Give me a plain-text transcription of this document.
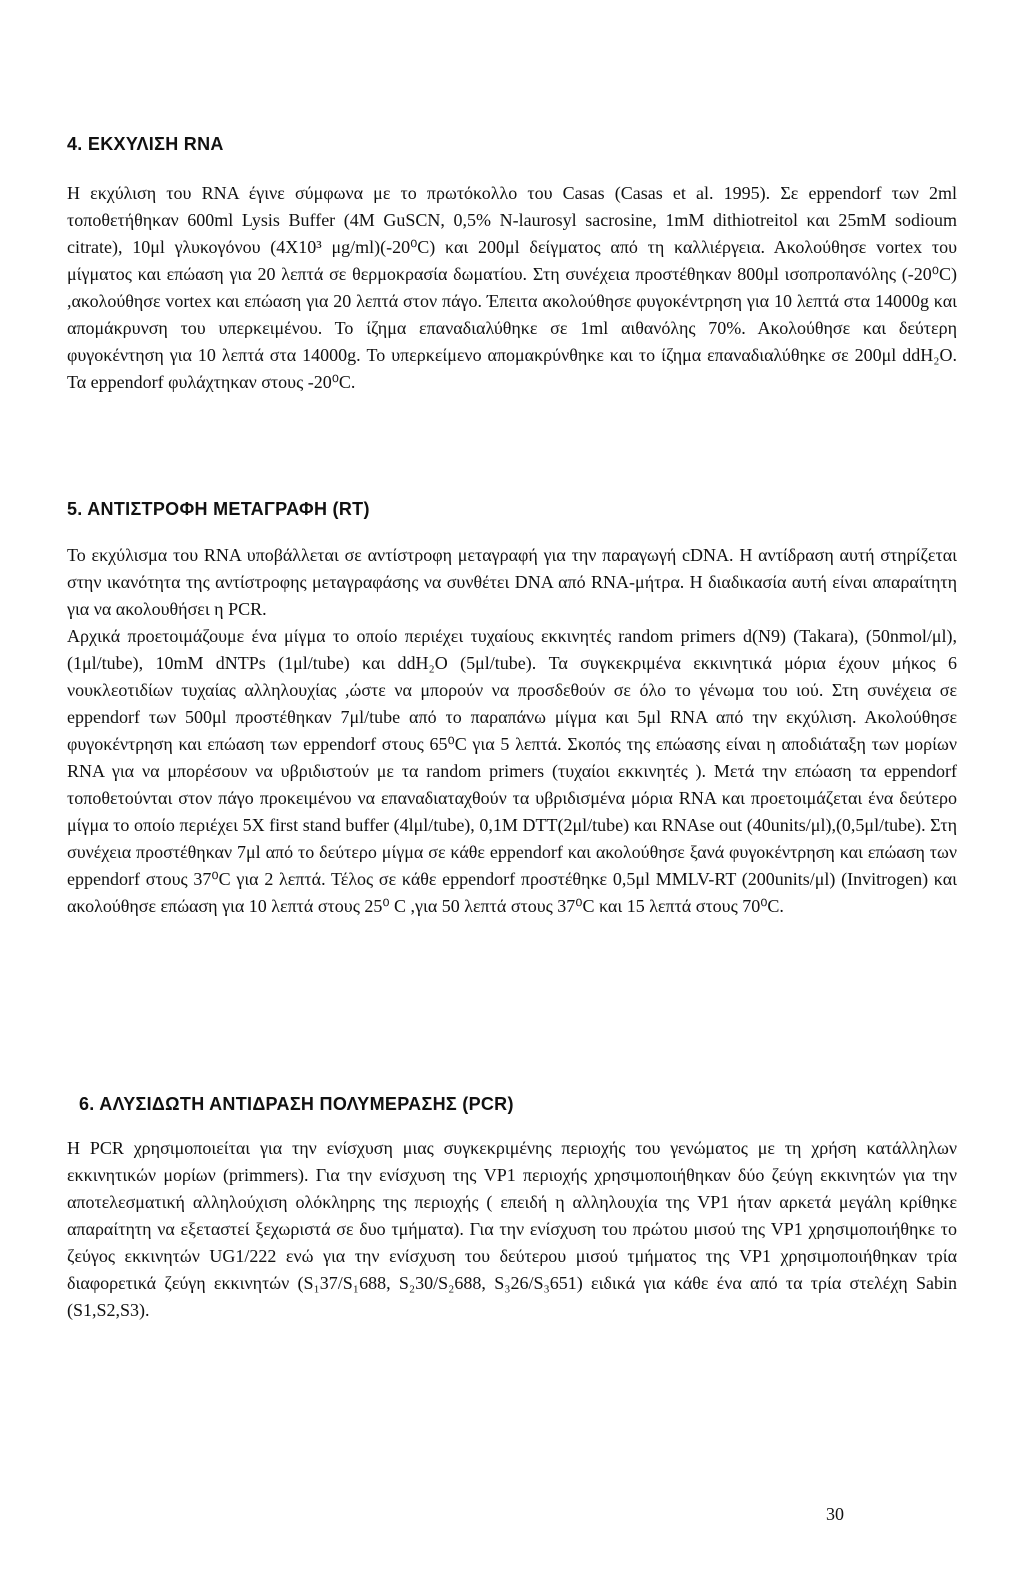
4. ΕΚΧΥΛΙΣΗ RNA

Η εκχύλιση του RNA έγινε σύμφωνα με το πρωτόκολλο του Casas (Casas et al. 1995). Σε eppendorf των 2ml τοποθετήθηκαν 600ml Lysis Buffer (4M GuSCN, 0,5% N-laurosyl sacrosine, 1mM dithiotreitol και 25mM sodioum citrate), 10μl γλυκογόνου (4X10³ μg/ml)(-20⁰C) και 200μl δείγματος από τη καλλιέργεια. Ακολούθησε vortex του μίγματος και επώαση για 20 λεπτά σε θερμοκρασία δωματίου. Στη συνέχεια προστέθηκαν 800μl ισοπροπανόλης (-20⁰C) ,ακολούθησε vortex και επώαση για 20 λεπτά στον πάγο. Έπειτα ακολούθησε φυγοκέντρηση για 10 λεπτά στα 14000g και απομάκρυνση του υπερκειμένου. Το ίζημα επαναδιαλύθηκε σε 1ml αιθανόλης 70%. Ακολούθησε και δεύτερη φυγοκέντηση για 10 λεπτά στα 14000g. Το υπερκείμενο απομακρύνθηκε και το ίζημα επαναδιαλύθηκε σε 200μl ddH₂O. Τα eppendorf φυλάχτηκαν στους -20⁰C.

5. ΑΝΤΙΣΤΡΟΦΗ ΜΕΤΑΓΡΑΦΗ (RT)

Το εκχύλισμα του RNA υποβάλλεται σε αντίστροφη μεταγραφή για την παραγωγή cDNA. Η αντίδραση αυτή στηρίζεται στην ικανότητα της αντίστροφης μεταγραφάσης να συνθέτει DNA από RNA-μήτρα. Η διαδικασία αυτή είναι απαραίτητη για να ακολουθήσει η PCR.

Αρχικά προετοιμάζουμε ένα μίγμα το οποίο περιέχει τυχαίους εκκινητές random primers d(N9) (Takara), (50nmol/μl), (1μl/tube), 10mM dNTPs (1μl/tube) και ddH₂O (5μl/tube). Τα συγκεκριμένα εκκινητικά μόρια έχουν μήκος 6 νουκλεοτιδίων τυχαίας αλληλουχίας ,ώστε να μπορούν να προσδεθούν σε όλο το γένωμα του ιού. Στη συνέχεια σε eppendorf των 500μl προστέθηκαν 7μl/tube από το παραπάνω μίγμα και 5μl RNA από την εκχύλιση. Ακολούθησε φυγοκέντρηση και επώαση των eppendorf στους 65⁰C για 5 λεπτά. Σκοπός της επώασης είναι η αποδιάταξη των μορίων RNA για να μπορέσουν να υβριδιστούν με τα random primers (τυχαίοι εκκινητές ). Μετά την επώαση τα eppendorf τοποθετούνται στον πάγο προκειμένου να επαναδιαταχθούν τα υβριδισμένα μόρια RNA και προετοιμάζεται ένα δεύτερο μίγμα το οποίο περιέχει 5X first stand buffer (4lμl/tube), 0,1M DTT(2μl/tube) και RNAse out (40units/μl),(0,5μl/tube). Στη συνέχεια προστέθηκαν 7μl από το δεύτερο μίγμα σε κάθε eppendorf και ακολούθησε ξανά φυγοκέντρηση και επώαση των eppendorf στους 37⁰C για 2 λεπτά. Τέλος σε κάθε eppendorf προστέθηκε 0,5μl MMLV-RT (200units/μl) (Invitrogen) και ακολούθησε επώαση για 10 λεπτά στους 25⁰ C ,για 50 λεπτά στους 37⁰C και 15 λεπτά στους 70⁰C.

6. ΑΛΥΣΙΔΩΤΗ ΑΝΤΙΔΡΑΣΗ ΠΟΛΥΜΕΡΑΣΗΣ (PCR)

Η PCR χρησιμοποιείται για την ενίσχυση μιας συγκεκριμένης περιοχής του γενώματος με τη χρήση κατάλληλων εκκινητικών μορίων (primmers). Για την ενίσχυση της VP1 περιοχής χρησιμοποιήθηκαν δύο ζεύγη εκκινητών για την αποτελεσματική αλληλούχιση ολόκληρης της περιοχής ( επειδή η αλληλουχία της VP1 ήταν αρκετά μεγάλη κρίθηκε απαραίτητη να εξεταστεί ξεχωριστά σε δυο τμήματα). Για την ενίσχυση του πρώτου μισού της VP1 χρησιμοποιήθηκε το ζεύγος εκκινητών UG1/222 ενώ για την ενίσχυση του δεύτερου μισού τμήματος της VP1 χρησιμοποιήθηκαν τρία διαφορετικά ζεύγη εκκινητών (S₁37/S₁688, S₂30/S₂688, S₃26/S₃651) ειδικά για κάθε ένα από τα τρία στελέχη Sabin (S1,S2,S3).

30
